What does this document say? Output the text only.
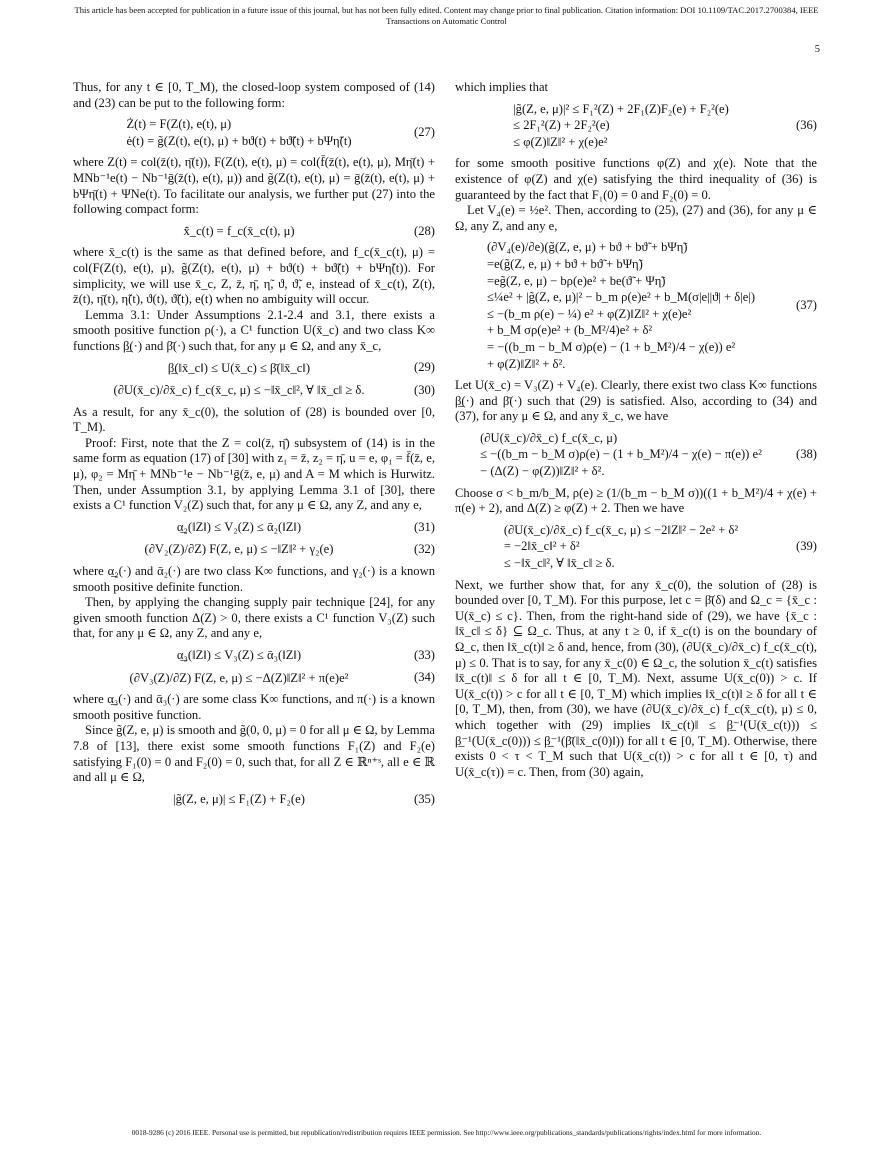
This article has been accepted for publication in a future issue of this journal, but has not been fully edited. Content may change prior to final publication. Citation information: DOI 10.1109/TAC.2017.2700384, IEEE
Transactions on Automatic Control
5

Thus, for any t ∈ [0, T_M), the closed-loop system composed of (14) and (23) can be put to the following form:

Ż(t) = F(Z(t), e(t), μ)
ė(t) = g̃(Z(t), e(t), μ) + bϑ(t) + bϑ̃(t) + bΨη̃(t)
(27)

where Z(t) = col(z̄(t), η̄(t)), F(Z(t), e(t), μ) = col(f̄(z̄(t), e(t), μ), Mη̄(t) + MNb⁻¹e(t) − Nb⁻¹ḡ(z̄(t), e(t), μ)) and g̃(Z(t), e(t), μ) = ḡ(z̄(t), e(t), μ) + bΨη̄(t) + ΨNe(t). To facilitate our analysis, we further put (27) into the following compact form:

x̄̇_c(t) = f_c(x̄_c(t), μ)	(28)

where x̄_c(t) is the same as that defined before, and f_c(x̄_c(t), μ) = col(F(Z(t), e(t), μ), g̃(Z(t), e(t), μ) + bϑ(t) + bϑ̃(t) + bΨη̃(t)). For simplicity, we will use x̄_c, Z, z̄, η̄, η̃, ϑ, ϑ̃, e, instead of x̄_c(t), Z(t), z̄(t), η̄(t), η̃(t), ϑ(t), ϑ̃(t), e(t) when no ambiguity will occur.

Lemma 3.1: Under Assumptions 2.1-2.4 and 3.1, there exists a smooth positive function ρ(·), a C¹ function U(x̄_c) and two class K∞ functions β̲(·) and β̄(·) such that, for any μ ∈ Ω, and any x̄_c,

β̲(‖x̄_c‖) ≤ U(x̄_c) ≤ β̄(‖x̄_c‖)	(29)
(∂U(x̄_c)/∂x̄_c) f_c(x̄_c, μ) ≤ −‖x̄_c‖², ∀ ‖x̄_c‖ ≥ δ.	(30)

As a result, for any x̄_c(0), the solution of (28) is bounded over [0, T_M).

Proof: First, note that the Z = col(z̄, η̄) subsystem of (14) is in the same form as equation (17) of [30] with z₁ = z̄, z₂ = η̄, u = e, φ₁ = f̄(z̄, e, μ), φ₂ = Mη̄ + MNb⁻¹e − Nb⁻¹ḡ(z̄, e, μ) and A = M which is Hurwitz. Then, under Assumption 3.1, by applying Lemma 3.1 of [30], there exists a C¹ function V₂(Z) such that, for any μ ∈ Ω, any Z, and any e,

α̲₂(‖Z‖) ≤ V₂(Z) ≤ ᾱ₂(‖Z‖)	(31)
(∂V₂(Z)/∂Z) F(Z, e, μ) ≤ −‖Z‖² + γ₂(e)	(32)

where α̲₂(·) and ᾱ₂(·) are two class K∞ functions, and γ₂(·) is a known smooth positive definite function.

Then, by applying the changing supply pair technique [24], for any given smooth function Δ(Z) > 0, there exists a C¹ function V₃(Z) such that, for any μ ∈ Ω, any Z, and any e,

α̲₃(‖Z‖) ≤ V₃(Z) ≤ ᾱ₃(‖Z‖)	(33)
(∂V₃(Z)/∂Z) F(Z, e, μ) ≤ −Δ(Z)‖Z‖² + π(e)e²	(34)

where α̲₃(·) and ᾱ₃(·) are some class K∞ functions, and π(·) is a known smooth positive function.

Since g̃(Z, e, μ) is smooth and g̃(0, 0, μ) = 0 for all μ ∈ Ω, by Lemma 7.8 of [13], there exist some smooth functions F₁(Z) and F₂(e) satisfying F₁(0) = 0 and F₂(0) = 0, such that, for all Z ∈ ℝⁿ⁺ˢ, all e ∈ ℝ and all μ ∈ Ω,

|g̃(Z, e, μ)| ≤ F₁(Z) + F₂(e)	(35)

which implies that

|g̃(Z, e, μ)|² ≤ F₁²(Z) + 2F₁(Z)F₂(e) + F₂²(e)
≤ 2F₁²(Z) + 2F₂²(e)
≤ φ(Z)‖Z‖² + χ(e)e²
(36)

for some smooth positive functions φ(Z) and χ(e). Note that the existence of φ(Z) and χ(e) satisfying the third inequality of (36) is guaranteed by the fact that F₁(0) = 0 and F₂(0) = 0.

Let V₄(e) = ½e². Then, according to (25), (27) and (36), for any μ ∈ Ω, any Z, and any e,

(∂V₄(e)/∂e)(g̃(Z, e, μ) + bϑ + bϑ̃ + bΨη̃)
=e(g̃(Z, e, μ) + bϑ + bϑ̃ + bΨη̃)
=eg̃(Z, e, μ) − bρ(e)e² + be(ϑ̃ + Ψη̃)
≤¼e² + |g̃(Z, e, μ)|² − b_m ρ(e)e² + b_M(σ|e||ϑ| + δ|e|)
≤ −(b_m ρ(e) − ¼) e² + φ(Z)‖Z‖² + χ(e)e²
+ b_M σρ(e)e² + (b_M²/4)e² + δ²
= −((b_m − b_M σ)ρ(e) − (1 + b_M²)/4 − χ(e)) e²
+ φ(Z)‖Z‖² + δ².
(37)

Let U(x̄_c) = V₃(Z) + V₄(e). Clearly, there exist two class K∞ functions β̲(·) and β̄(·) such that (29) is satisfied. Also, according to (34) and (37), for any μ ∈ Ω, and any x̄_c, we have

(∂U(x̄_c)/∂x̄_c) f_c(x̄_c, μ)
≤ −((b_m − b_M σ)ρ(e) − (1 + b_M²)/4 − χ(e) − π(e)) e²
− (Δ(Z) − φ(Z))‖Z‖² + δ².
(38)

Choose σ < b_m/b_M, ρ(e) ≥ (1/(b_m − b_M σ))((1 + b_M²)/4 + χ(e) + π(e) + 2), and Δ(Z) ≥ φ(Z) + 2. Then we have

(∂U(x̄_c)/∂x̄_c) f_c(x̄_c, μ) ≤ −2‖Z‖² − 2e² + δ²
= −2‖x̄_c‖² + δ²
≤ −‖x̄_c‖², ∀ ‖x̄_c‖ ≥ δ.
(39)

Next, we further show that, for any x̄_c(0), the solution of (28) is bounded over [0, T_M). For this purpose, let c = β̄(δ) and Ω_c = {x̄_c : U(x̄_c) ≤ c}. Then, from the right-hand side of (29), we have {x̄_c : ‖x̄_c‖ ≤ δ} ⊆ Ω_c. Thus, at any t ≥ 0, if x̄_c(t) is on the boundary of Ω_c, then ‖x̄_c(t)‖ ≥ δ and, hence, from (30), (∂U(x̄_c)/∂x̄_c) f_c(x̄_c(t), μ) ≤ 0. That is to say, for any x̄_c(0) ∈ Ω_c, the solution x̄_c(t) satisfies ‖x̄_c(t)‖ ≤ δ for all t ∈ [0, T_M). Next, assume U(x̄_c(0)) > c. If U(x̄_c(t)) > c for all t ∈ [0, T_M) which implies ‖x̄_c(t)‖ ≥ δ for all t ∈ [0, T_M), then, from (30), we have (∂U(x̄_c)/∂x̄_c) f_c(x̄_c(t), μ) ≤ 0, which together with (29) implies ‖x̄_c(t)‖ ≤ β̲⁻¹(U(x̄_c(t))) ≤ β̲⁻¹(U(x̄_c(0))) ≤ β̲⁻¹(β̄(‖x̄_c(0)‖)) for all t ∈ [0, T_M). Otherwise, there exists 0 < τ < T_M such that U(x̄_c(t)) > c for all t ∈ [0, τ) and U(x̄_c(τ)) = c. Then, from (30) again,

0018-9286 (c) 2016 IEEE. Personal use is permitted, but republication/redistribution requires IEEE permission. See http://www.ieee.org/publications_standards/publications/rights/index.html for more information.
